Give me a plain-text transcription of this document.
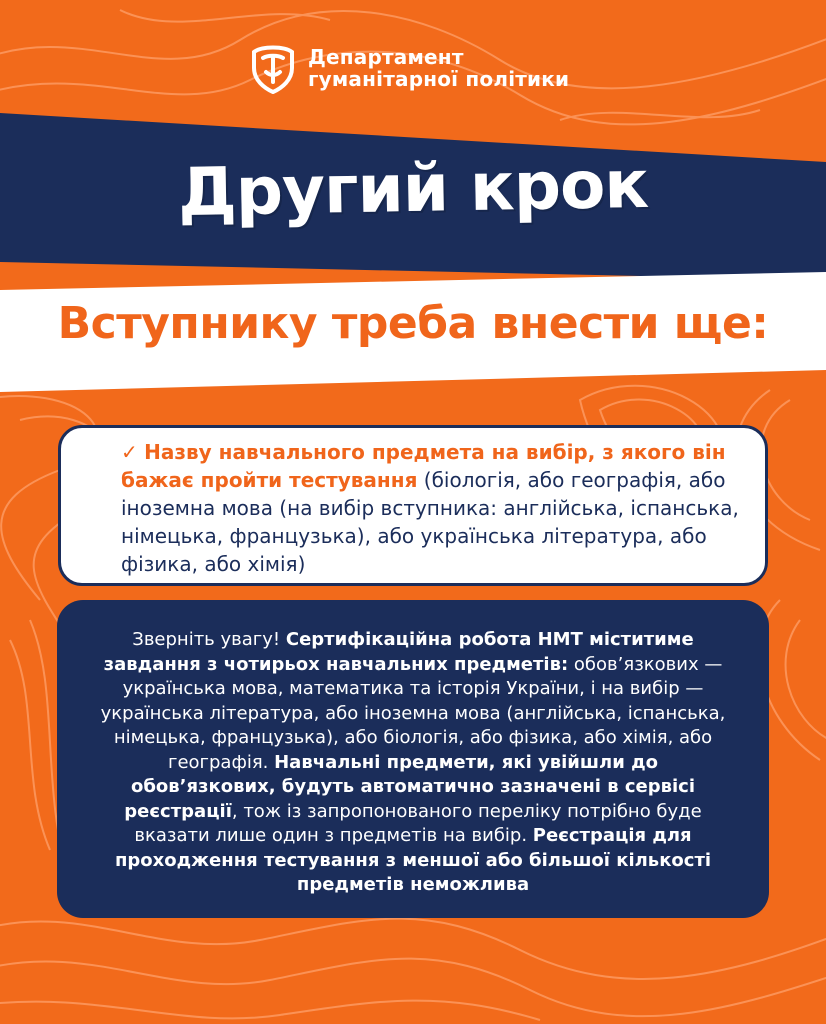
Департамент
гуманітарної політики
Другий крок
Вступнику треба внести ще:
✓ Назву навчального предмета на вибір, з якого він бажає пройти тестування (біологія, або географія, або іноземна мова (на вибір вступника: англійська, іспанська, німецька, французька), або українська література, або фізика, або хімія)
Зверніть увагу! Сертифікаційна робота НМТ міститиме завдання з чотирьох навчальних предметів: обов’язкових — українська мова, математика та історія України, і на вибір — українська література, або іноземна мова (англійська, іспанська, німецька, французька), або біологія, або фізика, або хімія, або географія. Навчальні предмети, які увійшли до обов’язкових, будуть автоматично зазначені в сервісі реєстрації, тож із запропонованого переліку потрібно буде вказати лише один з предметів на вибір. Реєстрація для проходження тестування з меншої або більшої кількості предметів неможлива
